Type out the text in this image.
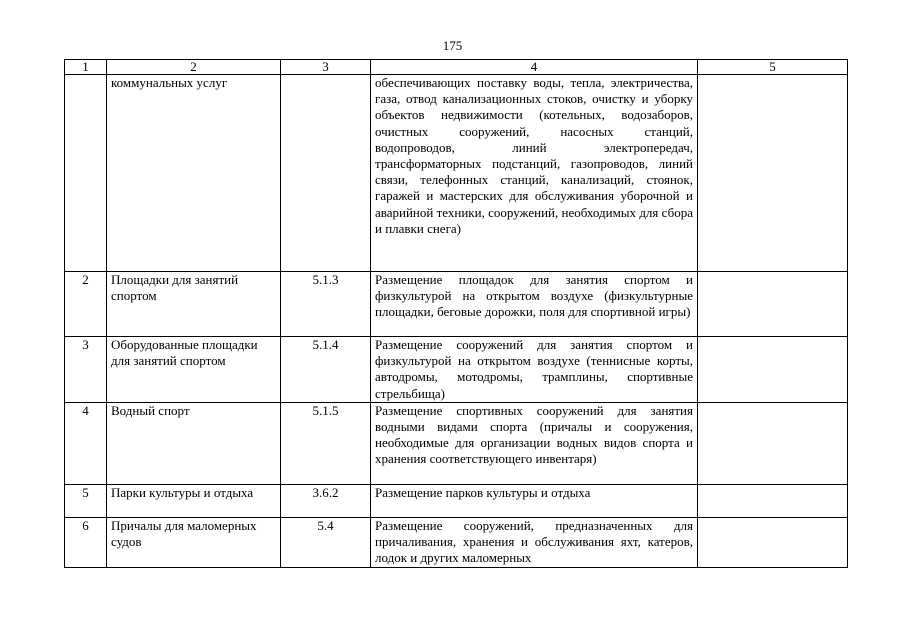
175
1	2	3	4	5
	коммунальных услуг		обеспечивающих поставку воды, тепла, электричества, газа, отвод канализационных стоков, очистку и уборку объектов недвижимости (котельных, водозаборов, очистных сооружений, насосных станций, водопроводов, линий электропередач, трансформаторных подстанций, газопроводов, линий связи, телефонных станций, канализаций, стоянок, гаражей и мастерских для обслуживания уборочной и аварийной техники, сооружений, необходимых для сбора и плавки снега)	
2	Площадки для занятий спортом	5.1.3	Размещение площадок для занятия спортом и физкультурой на открытом воздухе (физкультурные площадки, беговые дорожки, поля для спортивной игры)	
3	Оборудованные площадки для занятий спортом	5.1.4	Размещение сооружений для занятия спортом и физкультурой на открытом воздухе (теннисные корты, автодромы, мотодромы, трамплины, спортивные стрельбища)	
4	Водный спорт	5.1.5	Размещение спортивных сооружений для занятия водными видами спорта (причалы и сооружения, необходимые для организации водных видов спорта и хранения соответствующего инвентаря)	
5	Парки культуры и отдыха	3.6.2	Размещение парков культуры и отдыха	
6	Причалы для маломерных судов	5.4	Размещение сооружений, предназначенных для причаливания, хранения и обслуживания яхт, катеров, лодок и других маломерных	
